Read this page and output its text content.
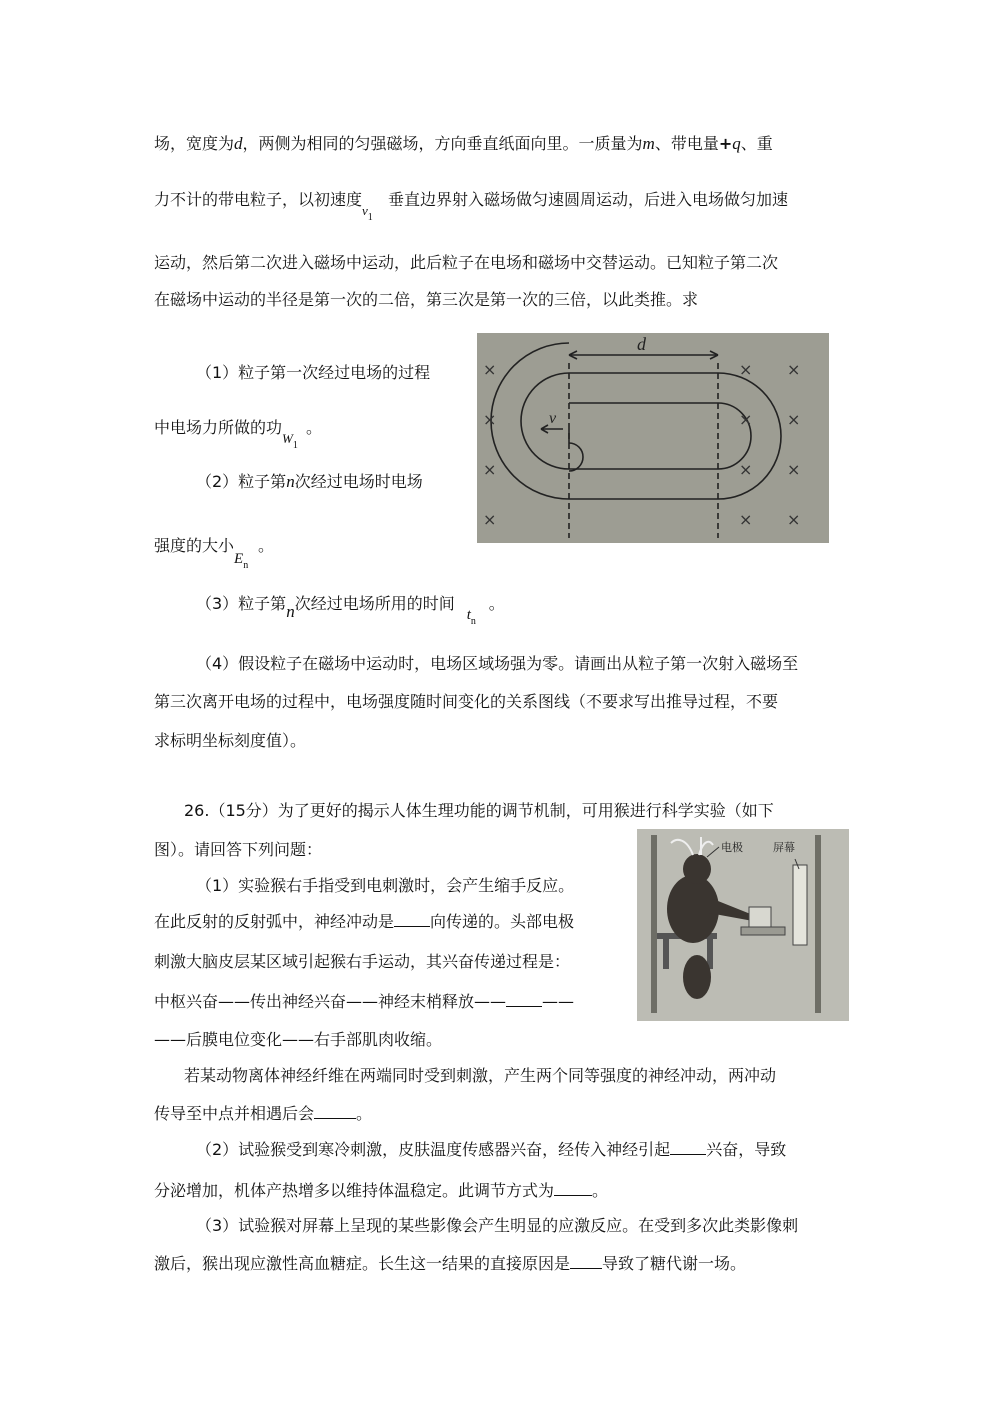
场，宽度为d，两侧为相同的匀强磁场，方向垂直纸面向里。一质量为m、带电量+q、重
力不计的带电粒子，以初速度$v_1$垂直边界射入磁场做匀速圆周运动，后进入电场做匀加速
运动，然后第二次进入磁场中运动，此后粒子在电场和磁场中交替运动。已知粒子第二次
在磁场中运动的半径是第一次的二倍，第三次是第一次的三倍，以此类推。求
（1）粒子第一次经过电场的过程
中电场力所做的功$W_1$。
（2）粒子第n次经过电场时电场
强度的大小$E_n$。
（3）粒子第n次经过电场所用的时间$t_n$。
（4）假设粒子在磁场中运动时，电场区域场强为零。请画出从粒子第一次射入磁场至
第三次离开电场的过程中，电场强度随时间变化的关系图线（不要求写出推导过程，不要
求标明坐标刻度值）。
d
v
×
×
×
×
× ×
× ×
× ×
× ×
26.（15分）为了更好的揭示人体生理功能的调节机制，可用猴进行科学实验（如下
图）。请回答下列问题：
（1）实验猴右手指受到电刺激时，会产生缩手反应。
在此反射的反射弧中，神经冲动是 向传递的。头部电极
刺激大脑皮层某区域引起猴右手运动，其兴奋传递过程是：
中枢兴奋——传出神经兴奋——神经末梢释放—— ——
——后膜电位变化——右手部肌肉收缩。
若某动物离体神经纤维在两端同时受到刺激，产生两个同等强度的神经冲动，两冲动
传导至中点并相遇后会	。
（2）试验猴受到寒冷刺激，皮肤温度传感器兴奋，经传入神经引起 兴奋，导致
分泌增加，机体产热增多以维持体温稳定。此调节方式为 。
（3）试验猴对屏幕上呈现的某些影像会产生明显的应激反应。在受到多次此类影像刺
激后，猴出现应激性高血糖症。长生这一结果的直接原因是 导致了糖代谢一场。
电极	屏幕
